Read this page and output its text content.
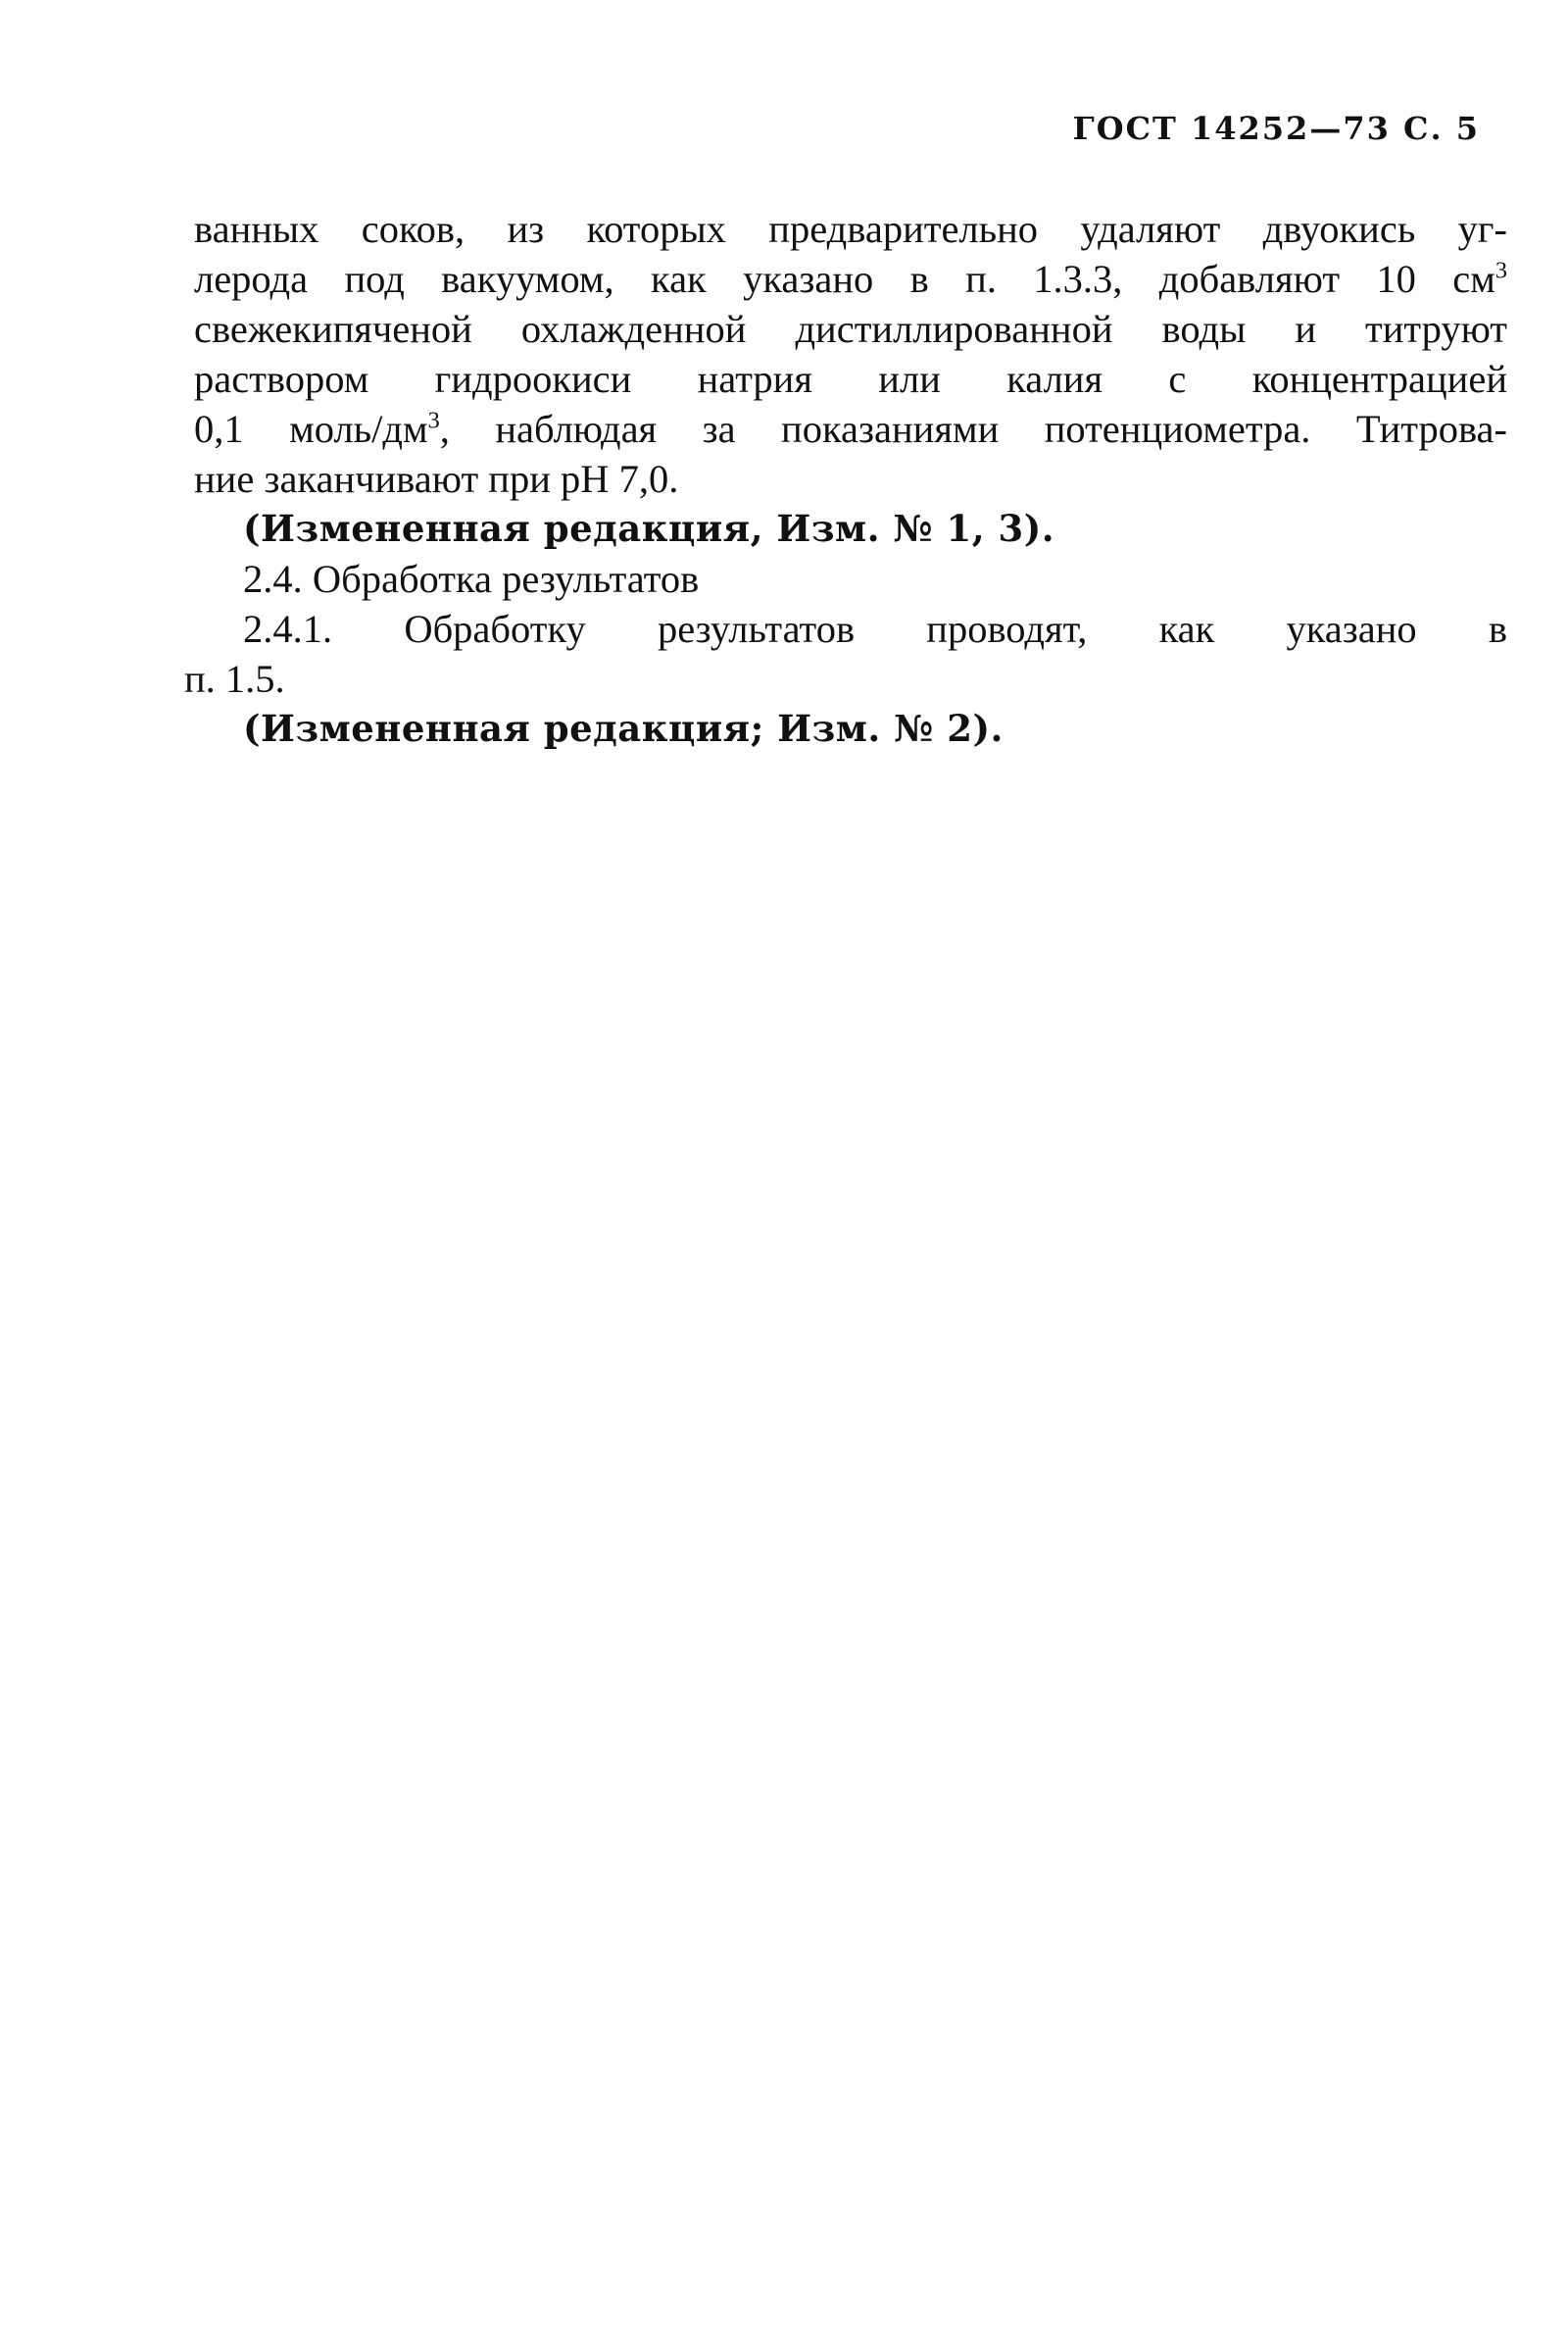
ГОСТ 14252—73 С. 5
ванных соков, из которых предварительно удаляют двуокись уг-
лерода под вакуумом, как указано в п. 1.3.3, добавляют 10 $см^3$
свежекипяченой охлажденной дистиллированной воды и титруют
раствором гидроокиси натрия или калия с концентрацией
0,1 моль/$дм^3$, наблюдая за показаниями потенциометра. Титрова-
ние заканчивают при pH 7,0.
(Измененная редакция, Изм. № 1, 3).
2.4. Обработка результатов
2.4.1. Обработку результатов проводят, как указано в
п. 1.5.
(Измененная редакция; Изм. № 2).
